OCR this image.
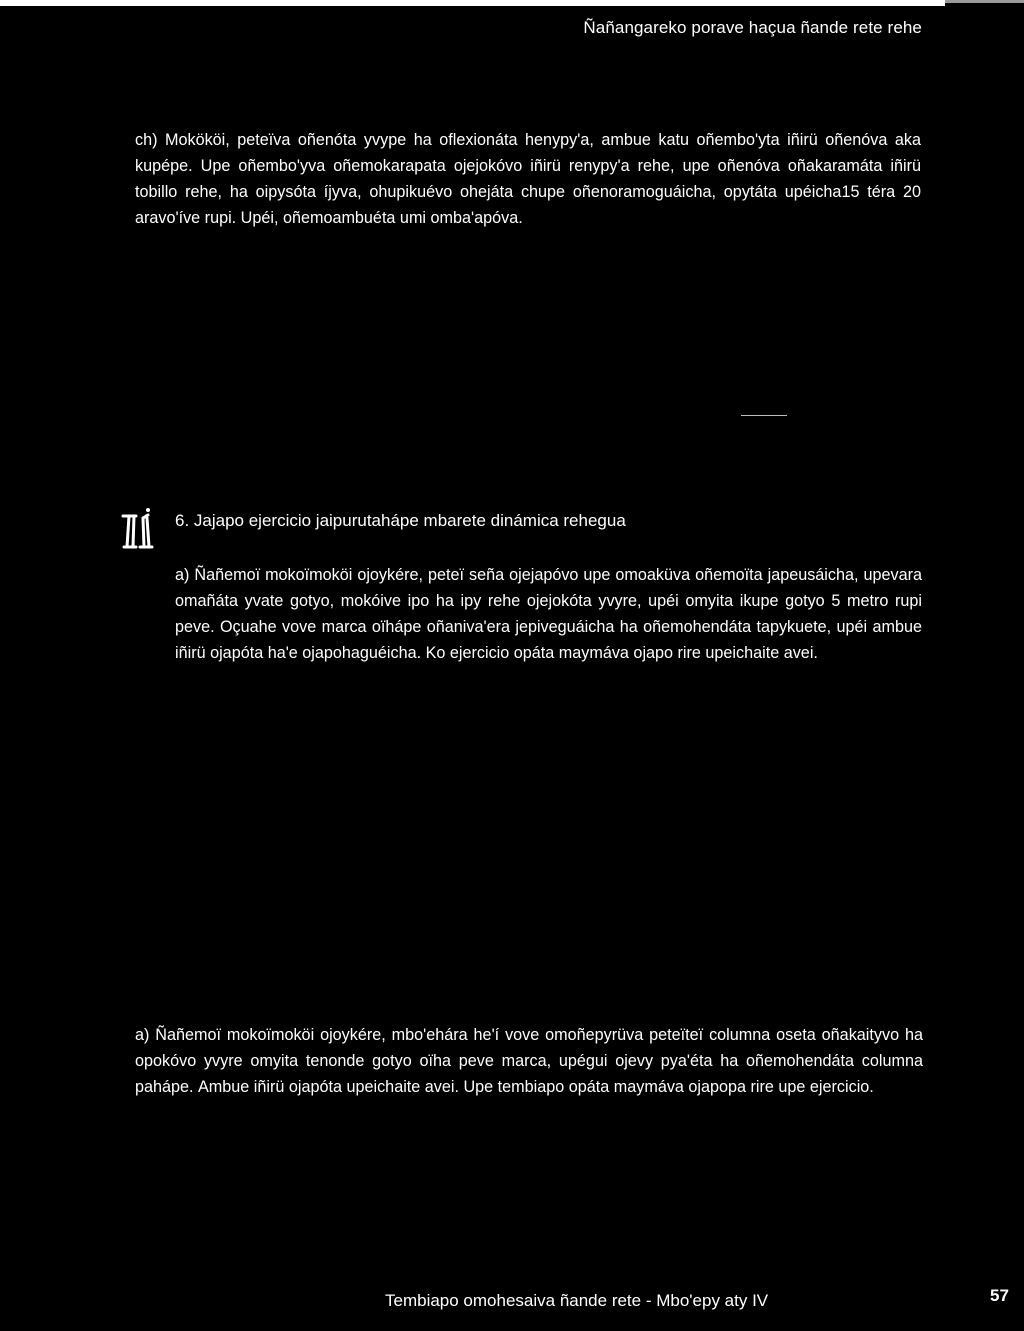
Ñañangareko porave haçua ñande rete rehe

ch) Mokököi, peteïva oñenóta yvype ha oflexionáta henypy'a, ambue katu oñembo'yta iñirü oñenóva aka kupépe. Upe oñembo'yva oñemokarapata ojejokóvo iñirü renypy'a rehe, upe oñenóva oñakaramáta iñirü tobillo rehe, ha oipysóta íjyva, ohupikuévo ohejáta chupe oñenoramoguáicha, opytáta upéicha15 téra 20 aravo'íve rupi. Upéi, oñemoambuéta umi omba'apóva.

6. Jajapo ejercicio jaipurutahápe mbarete dinámica rehegua

a) Ñañemoï mokoïmoköi ojoykére, peteï seña ojejapóvo upe omoaküva oñemoïta japeusáicha, upevara omañáta yvate gotyo, mokóive ipo ha ipy rehe ojejokóta yvyre, upéi omyita ikupe gotyo 5 metro rupi peve. Oçuahe vove marca oïhápe oñaniva'era jepiveguáicha ha oñemohendáta tapykuete, upéi ambue iñirü ojapóta ha'e ojapohaguéicha. Ko ejercicio opáta maymáva ojapo rire upeichaite avei.

a) Ñañemoï mokoïmoköi ojoykére, mbo'ehára he'í vove omoñepyrüva peteïteï columna oseta oñakaityvo ha opokóvo yvyre omyita tenonde gotyo oïha peve marca, upégui ojevy pya'éta ha oñemohendáta columna paháре. Ambue iñirü ojapóta upeichaite avei. Upe tembiapo opáta maymáva ojapopa rire upe ejercicio.

Tembiapo omohesaiva ñande rete - Mbo'epy aty IV	57
